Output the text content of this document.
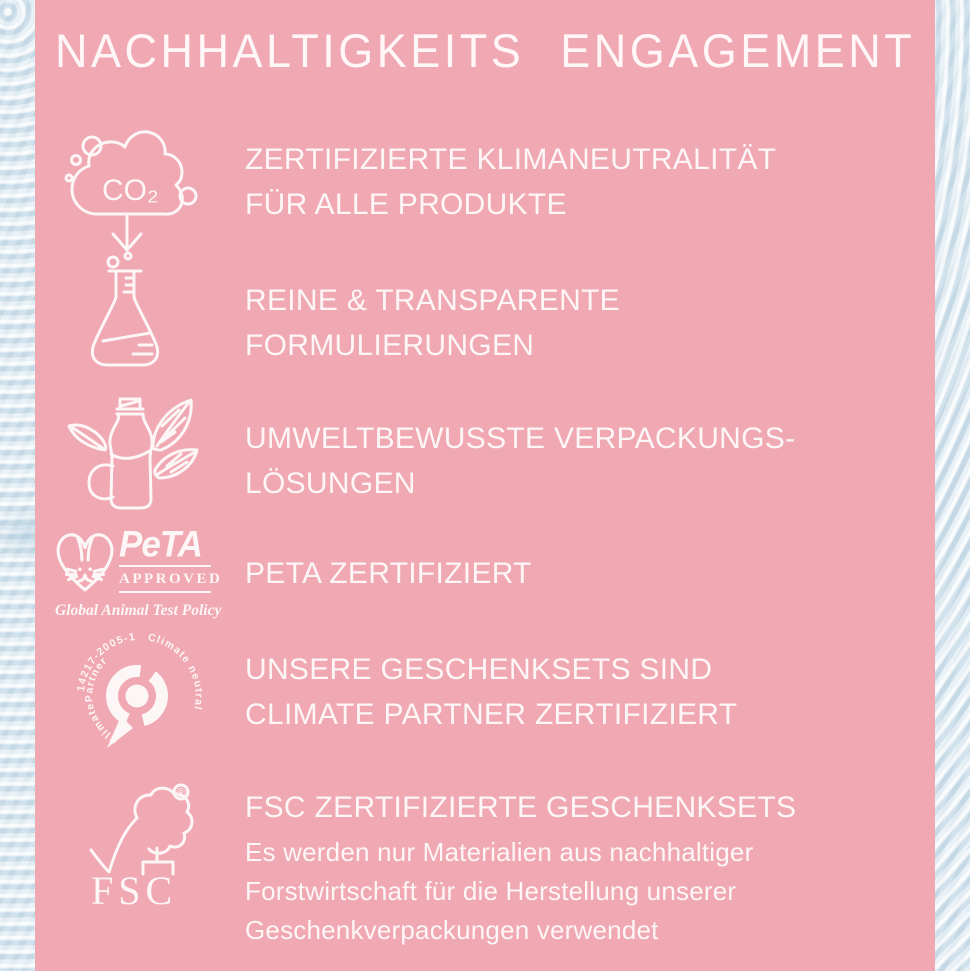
NACHHALTIGKEITS ENGAGEMENT
CO₂
ZERTIFIZIERTE KLIMANEUTRALITÄT
FÜR ALLE PRODUKTE
REINE & TRANSPARENTE
FORMULIERUNGEN
UMWELTBEWUSSTE VERPACKUNGS-
LÖSUNGEN
PeTA
APPROVED
Global Animal Test Policy
PETA ZERTIFIZIERT
Climate neutral
ClimatePartner
14217-2005-1001
UNSERE GESCHENKSETS SIND
CLIMATE PARTNER ZERTIFIZIERT
®
FSC
FSC ZERTIFIZIERTE GESCHENKSETS
Es werden nur Materialien aus nachhaltiger
Forstwirtschaft für die Herstellung unserer
Geschenkverpackungen verwendet
